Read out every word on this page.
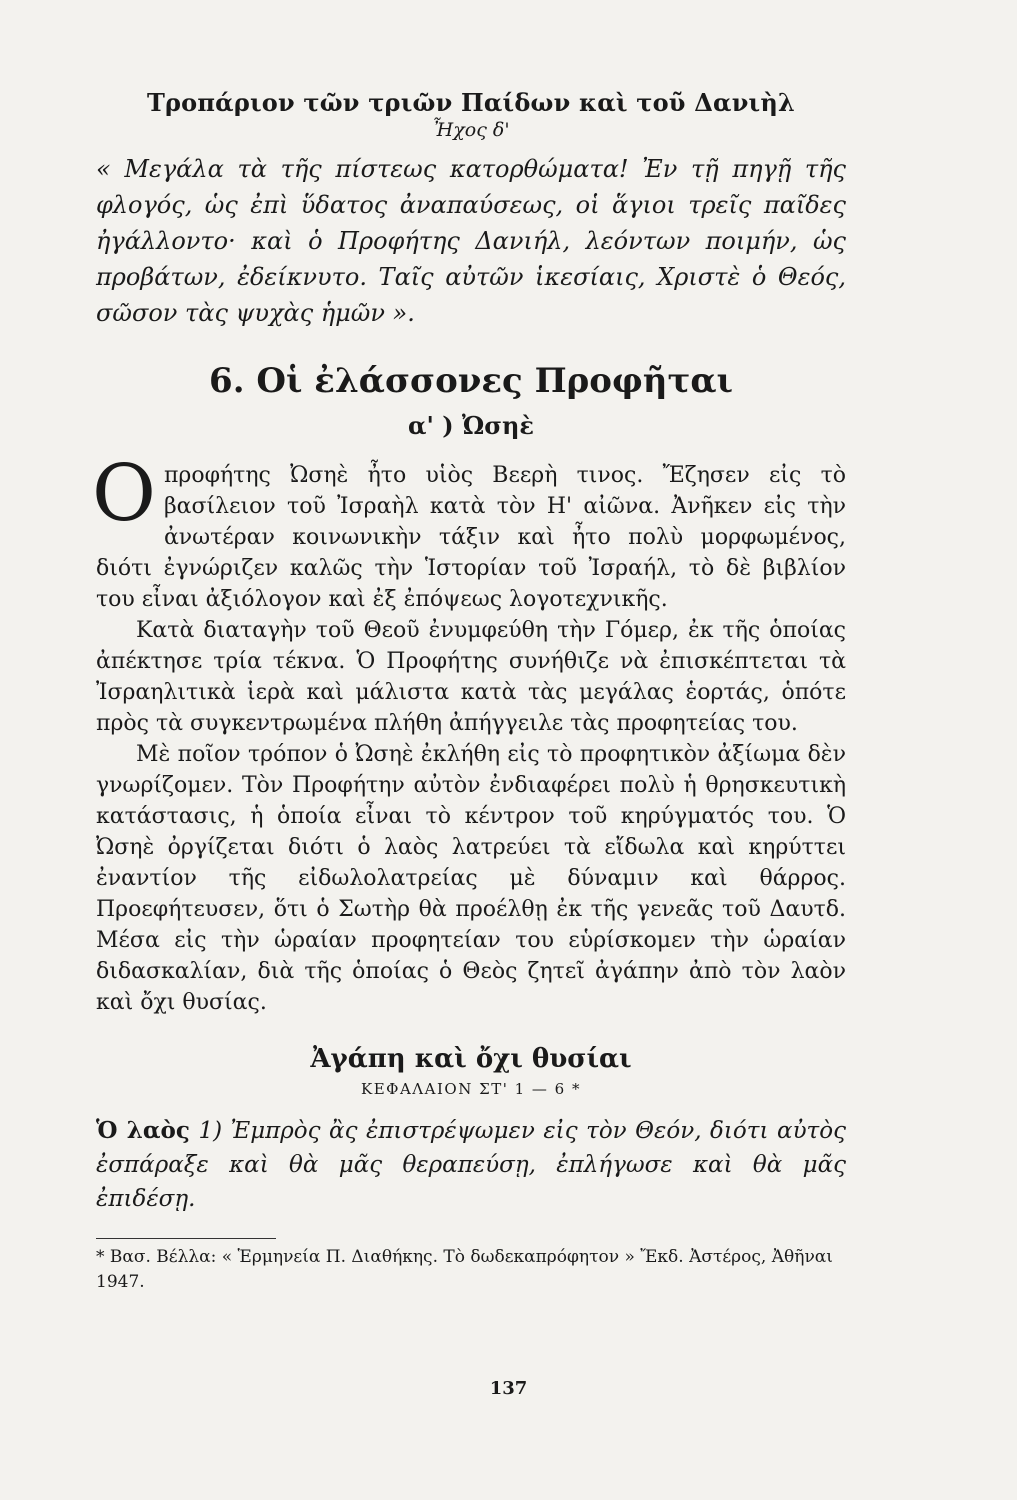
Τροπάριον τῶν τριῶν Παίδων καὶ τοῦ Δανιὴλ
Ἦχος δ'

« Μεγάλα τὰ τῆς πίστεως κατορθώματα! Ἐν τῇ πηγῇ τῆς φλογός, ὡς ἐπὶ ὕδατος ἀναπαύσεως, οἱ ἅγιοι τρεῖς παῖδες ἠγάλλοντο· καὶ ὁ Προφήτης Δανιήλ, λεόντων ποιμήν, ὡς προβάτων, ἐδείκνυτο. Ταῖς αὐτῶν ἱκεσίαις, Χριστὲ ὁ Θεός, σῶσον τὰς ψυχὰς ἡμῶν ».

6. Οἱ ἐλάσσονες Προφῆται
α' ) Ὠσηὲ

Ο προφήτης Ὠσηὲ ἦτο υἱὸς Βεερὴ τινος. Ἔζησεν εἰς τὸ βασίλειον τοῦ Ἰσραὴλ κατὰ τὸν Η' αἰῶνα. Ἀνῆκεν εἰς τὴν ἀνωτέραν κοινωνικὴν τάξιν καὶ ἦτο πολὺ μορφωμένος, διότι ἐγνώριζεν καλῶς τὴν Ἱστορίαν τοῦ Ἰσραήλ, τὸ δὲ βιβλίον του εἶναι ἀξιόλογον καὶ ἐξ ἐπόψεως λογοτεχνικῆς.

Κατὰ διαταγὴν τοῦ Θεοῦ ἐνυμφεύθη τὴν Γόμερ, ἐκ τῆς ὁποίας ἀπέκτησε τρία τέκνα. Ὁ Προφήτης συνήθιζε νὰ ἐπισκέπτεται τὰ Ἰσραηλιτικὰ ἱερὰ καὶ μάλιστα κατὰ τὰς μεγάλας ἑορτάς, ὁπότε πρὸς τὰ συγκεντρωμένα πλήθη ἀπήγγειλε τὰς προφητείας του.

Μὲ ποῖον τρόπον ὁ Ὠσηὲ ἐκλήθη εἰς τὸ προφητικὸν ἀξίωμα δὲν γνωρίζομεν. Τὸν Προφήτην αὐτὸν ἐνδιαφέρει πολὺ ἡ θρησκευτικὴ κατάστασις, ἡ ὁποία εἶναι τὸ κέντρον τοῦ κηρύγματός του. Ὁ Ὠσηὲ ὀργίζεται διότι ὁ λαὸς λατρεύει τὰ εἴδωλα καὶ κηρύττει ἐναντίον τῆς εἰδωλολατρείας μὲ δύναμιν καὶ θάρρος. Προεφήτευσεν, ὅτι ὁ Σωτὴρ θὰ προέλθῃ ἐκ τῆς γενεᾶς τοῦ Δαυτδ. Μέσα εἰς τὴν ὡραίαν προφητείαν του εὑρίσκομεν τὴν ὡραίαν διδασκαλίαν, διὰ τῆς ὁποίας ὁ Θεὸς ζητεῖ ἀγάπην ἀπὸ τὸν λαὸν καὶ ὄχι θυσίας.

Ἀγάπη καὶ ὄχι θυσίαι
ΚΕΦΑΛΑΙΟΝ ΣΤ' 1 — 6 *

Ὁ λαὸς 1) Ἐμπρὸς ἂς ἐπιστρέψωμεν εἰς τὸν Θεόν, διότι αὐτὸς ἐσπάραξε καὶ θὰ μᾶς θεραπεύσῃ, ἐπλήγωσε καὶ θὰ μᾶς ἐπιδέσῃ.

* Βασ. Βέλλα: « Ἑρμηνεία Π. Διαθήκης. Τὸ δωδεκαπρόφητον » Ἔκδ. Ἀστέρος, Ἀθῆναι 1947.

137
